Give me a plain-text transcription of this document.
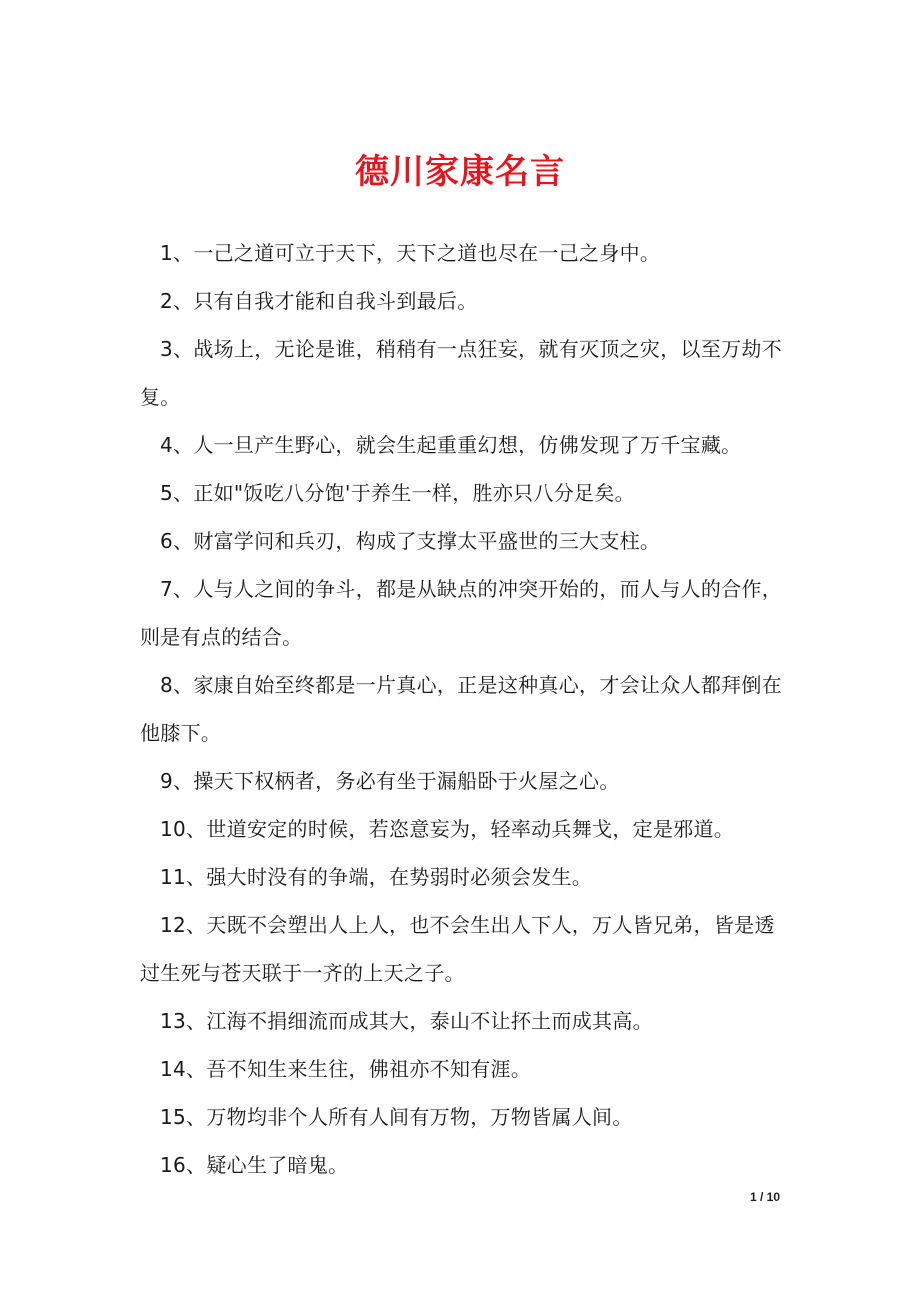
德川家康名言

1、一己之道可立于天下，天下之道也尽在一己之身中。

2、只有自我才能和自我斗到最后。

3、战场上，无论是谁，稍稍有一点狂妄，就有灭顶之灾，以至万劫不复。

4、人一旦产生野心，就会生起重重幻想，仿佛发现了万千宝藏。

5、正如"饭吃八分饱'于养生一样，胜亦只八分足矣。

6、财富学问和兵刃，构成了支撑太平盛世的三大支柱。

7、人与人之间的争斗，都是从缺点的冲突开始的，而人与人的合作，则是有点的结合。

8、家康自始至终都是一片真心，正是这种真心，才会让众人都拜倒在他膝下。

9、操天下权柄者，务必有坐于漏船卧于火屋之心。

10、世道安定的时候，若恣意妄为，轻率动兵舞戈，定是邪道。

11、强大时没有的争端，在势弱时必须会发生。

12、天既不会塑出人上人，也不会生出人下人，万人皆兄弟，皆是透过生死与苍天联于一齐的上天之子。

13、江海不捐细流而成其大，泰山不让抔土而成其高。

14、吾不知生来生往，佛祖亦不知有涯。

15、万物均非个人所有人间有万物，万物皆属人间。

16、疑心生了暗鬼。

1 / 10
